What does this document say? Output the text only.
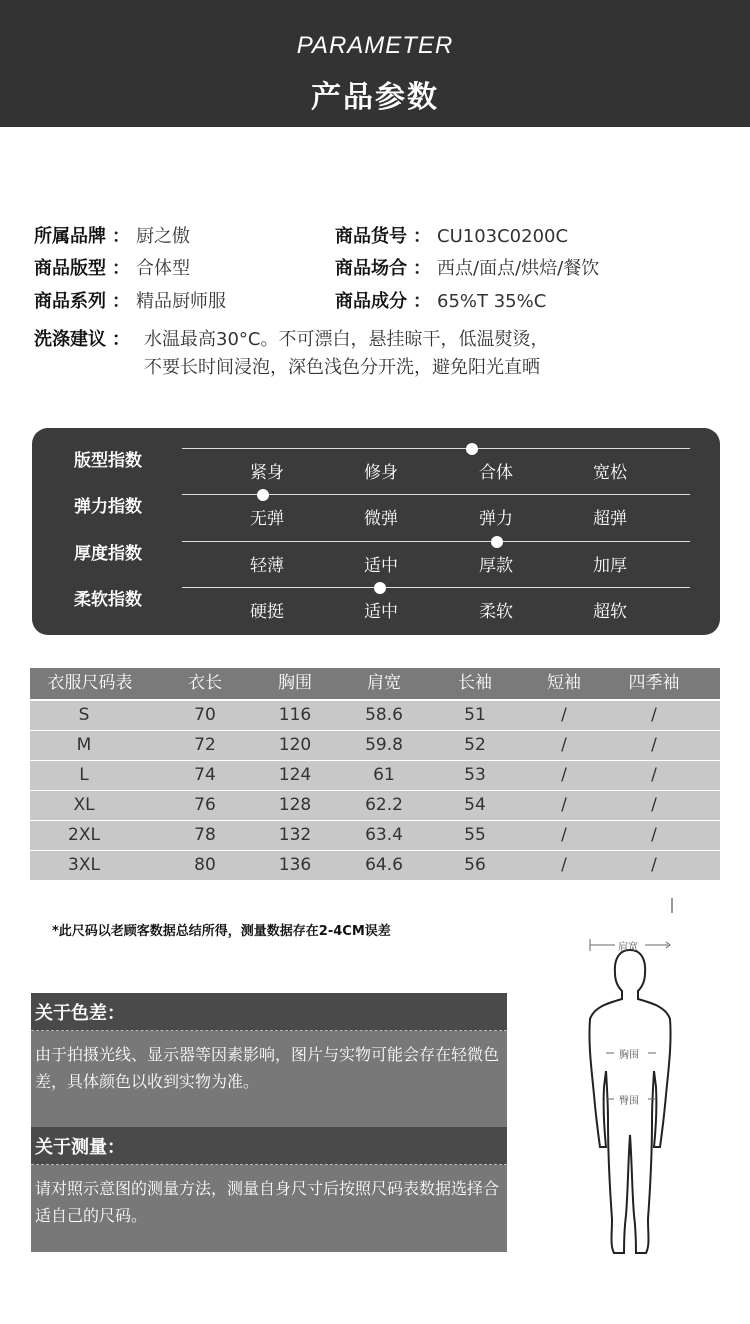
PARAMETER
产品参数
所属品牌 ： 厨之傲	商品货号 ： CU103C0200C
商品版型 ： 合体型	商品场合 ： 西点/面点/烘焙/餐饮
商品系列 ： 精品厨师服	商品成分 ： 65%T 35%C
洗涤建议 ： 水温最高30°C。不可漂白，悬挂晾干，低温熨烫，
不要长时间浸泡，深色浅色分开洗，避免阳光直晒
版型指数
紧身	修身	合体	宽松
弹力指数
无弹	微弹	弹力	超弹
厚度指数
轻薄	适中	厚款	加厚
柔软指数
硬挺	适中	柔软	超软
衣服尺码表	衣长	胸围	肩宽	长袖	短袖	四季袖
S	70	116	58.6	51	/	/
M	72	120	59.8	52	/	/
L	74	124	61	53	/	/
XL	76	128	62.2	54	/	/
2XL	78	132	63.4	55	/	/
3XL	80	136	64.6	56	/	/
*此尺码以老顾客数据总结所得，测量数据存在2-4CM误差
关于色差：
由于拍摄光线、显示器等因素影响，图片与实物可能会存在轻微色差，具体颜色以收到实物为准。
关于测量：
请对照示意图的测量方法，测量自身尺寸后按照尺码表数据选择合适自己的尺码。
肩宽
胸围
臀围
